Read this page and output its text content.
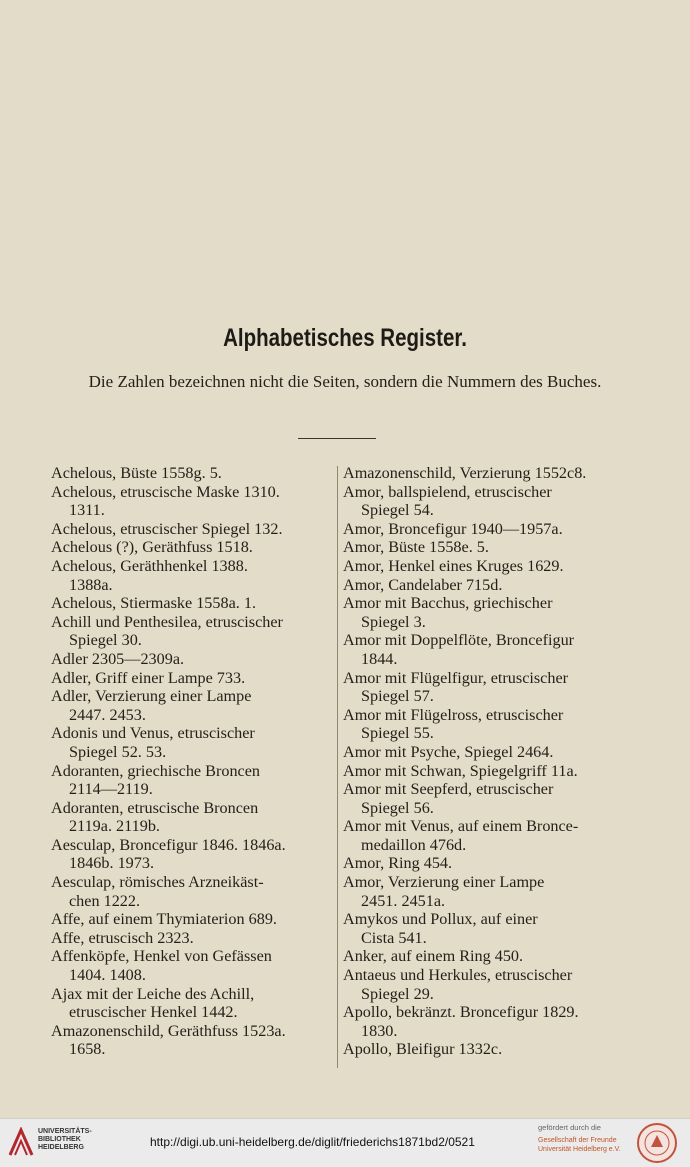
Alphabetisches Register.
Die Zahlen bezeichnen nicht die Seiten, sondern die Nummern des Buches.
Achelous, Büste 1558g. 5.
Achelous, etruscische Maske 1310.
1311.
Achelous, etruscischer Spiegel 132.
Achelous (?), Geräthfuss 1518.
Achelous, Geräthhenkel 1388.
1388a.
Achelous, Stiermaske 1558a. 1.
Achill und Penthesilea, etruscischer
Spiegel 30.
Adler 2305—2309a.
Adler, Griff einer Lampe 733.
Adler, Verzierung einer Lampe
2447. 2453.
Adonis und Venus, etruscischer
Spiegel 52. 53.
Adoranten, griechische Broncen
2114—2119.
Adoranten, etruscische Broncen
2119a. 2119b.
Aesculap, Broncefigur 1846. 1846a.
1846b. 1973.
Aesculap, römisches Arzneikäst-
chen 1222.
Affe, auf einem Thymiaterion 689.
Affe, etruscisch 2323.
Affenköpfe, Henkel von Gefässen
1404. 1408.
Ajax mit der Leiche des Achill,
etruscischer Henkel 1442.
Amazonenschild, Geräthfuss 1523a.
1658.
Amazonenschild, Verzierung 1552c8.
Amor, ballspielend, etruscischer
Spiegel 54.
Amor, Broncefigur 1940—1957a.
Amor, Büste 1558e. 5.
Amor, Henkel eines Kruges 1629.
Amor, Candelaber 715d.
Amor mit Bacchus, griechischer
Spiegel 3.
Amor mit Doppelflöte, Broncefigur
1844.
Amor mit Flügelfigur, etruscischer
Spiegel 57.
Amor mit Flügelross, etruscischer
Spiegel 55.
Amor mit Psyche, Spiegel 2464.
Amor mit Schwan, Spiegelgriff 11a.
Amor mit Seepferd, etruscischer
Spiegel 56.
Amor mit Venus, auf einem Bronce-
medaillon 476d.
Amor, Ring 454.
Amor, Verzierung einer Lampe
2451. 2451a.
Amykos und Pollux, auf einer
Cista 541.
Anker, auf einem Ring 450.
Antaeus und Herkules, etruscischer
Spiegel 29.
Apollo, bekränzt. Broncefigur 1829.
1830.
Apollo, Bleifigur 1332c.
UNIVERSITÄTS-
BIBLIOTHEK
HEIDELBERG	http://digi.ub.uni-heidelberg.de/diglit/friederichs1871bd2/0521
gefördert durch die
Gesellschaft der Freunde
Universität Heidelberg e.V.
